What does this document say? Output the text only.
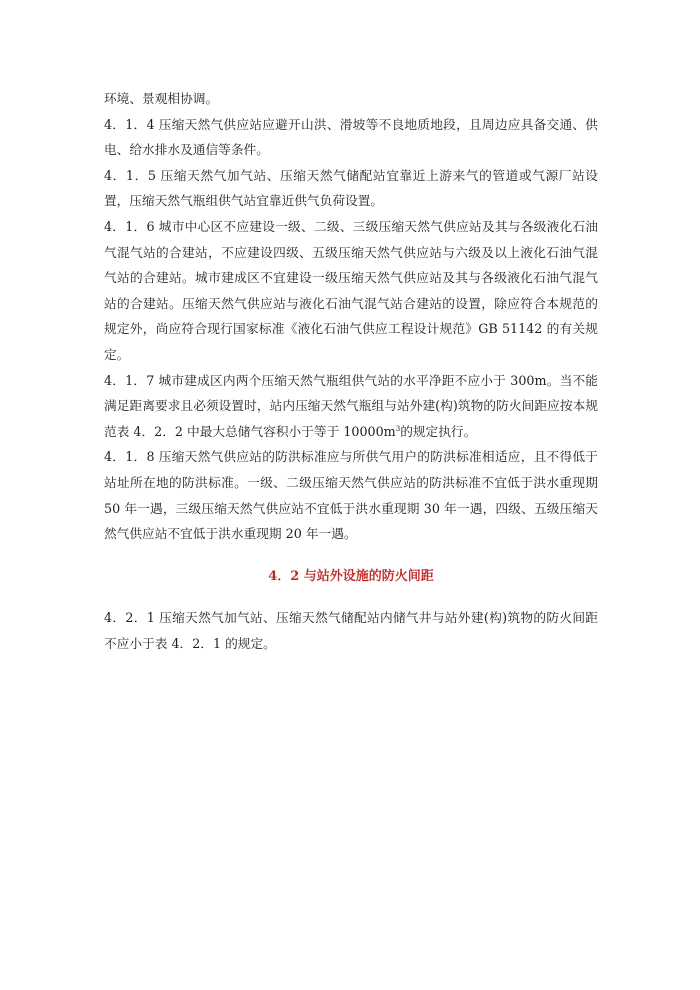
环境、景观相协调。

4．1．4 压缩天然气供应站应避开山洪、滑坡等不良地质地段，且周边应具备交通、供电、给水排水及通信等条件。

4．1．5 压缩天然气加气站、压缩天然气储配站宜靠近上游来气的管道或气源厂站设置，压缩天然气瓶组供气站宜靠近供气负荷设置。

4．1．6 城市中心区不应建设一级、二级、三级压缩天然气供应站及其与各级液化石油气混气站的合建站，不应建设四级、五级压缩天然气供应站与六级及以上液化石油气混气站的合建站。城市建成区不宜建设一级压缩天然气供应站及其与各级液化石油气混气站的合建站。压缩天然气供应站与液化石油气混气站合建站的设置，除应符合本规范的规定外，尚应符合现行国家标准《液化石油气供应工程设计规范》GB 51142 的有关规定。

4．1．7 城市建成区内两个压缩天然气瓶组供气站的水平净距不应小于 300m。当不能满足距离要求且必须设置时，站内压缩天然气瓶组与站外建(构)筑物的防火间距应按本规范表 4．2．2 中最大总储气容积小于等于 $10000m^3$的规定执行。

4．1．8 压缩天然气供应站的防洪标准应与所供气用户的防洪标准相适应，且不得低于站址所在地的防洪标准。一级、二级压缩天然气供应站的防洪标准不宜低于洪水重现期 50 年一遇，三级压缩天然气供应站不宜低于洪水重现期 30 年一遇，四级、五级压缩天然气供应站不宜低于洪水重现期 20 年一遇。

4．2 与站外设施的防火间距

4．2．1 压缩天然气加气站、压缩天然气储配站内储气井与站外建(构)筑物的防火间距不应小于表 4．2．1 的规定。
